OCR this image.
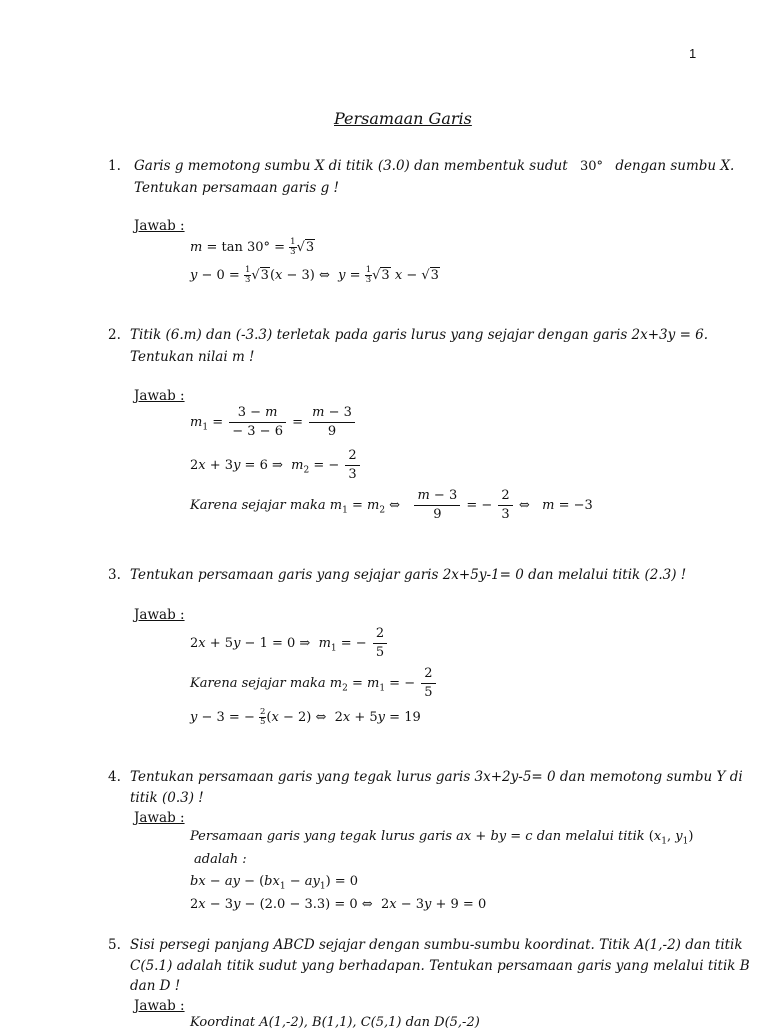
1
Persamaan Garis
1. Garis g memotong sumbu X di titik (3.0) dan membentuk sudut 30° dengan sumbu X.
Tentukan persamaan garis g !
Jawab :
$m = \tan 30^\circ = \frac{1}{3} √3$
$y - 0 = \frac{1}{3} √3(x - 3)$ ⇔  $y = \frac{1}{3} √3$ x − √3
2. Titik (6.m) dan (-3.3) terletak pada garis lurus yang sejajar dengan garis 2x+3y = 6.
Tentukan nilai m !
Jawab :
$m_1 = \frac{3 - m}{- 3 - 6} = \frac{m - 3}{9}$
2x + 3y = 6 ⇒  $m_2$ = − $\frac{2}{3}$
Karena sejajar maka $m_1 = m_2$ ⇔ $\frac{m - 3}{9}$ = − $\frac{2}{3}$ ⇔   m = −3
3. Tentukan persamaan garis yang sejajar garis 2x+5y-1= 0 dan melalui titik (2.3) !
Jawab :
2x + 5y − 1 = 0 ⇒  $m_1$ = − $\frac{2}{5}$
Karena sejajar maka $m_2 = m_1$ = − $\frac{2}{5}$
y − 3 = − $\frac{2}{5} (x - 2)$ ⇔  2x + 5y = 19
4. Tentukan persamaan garis yang tegak lurus garis 3x+2y-5= 0 dan memotong sumbu Y di
titik (0.3) !
Jawab :
Persamaan garis yang tegak lurus garis ax + by = c dan melalui titik ($x_1$, $y_1$)
adalah :
bx − ay − $(bx_1 - ay_1) = 0$
2x − 3y − (2.0 − 3.3) = 0 ⇔  2x − 3y + 9 = 0
5. Sisi persegi panjang ABCD sejajar dengan sumbu-sumbu koordinat. Titik A(1,-2) dan titik
C(5.1) adalah titik sudut yang berhadapan. Tentukan persamaan garis yang melalui titik B
dan D !
Jawab :
Koordinat A(1,-2), B(1,1), C(5,1) dan D(5,-2)
